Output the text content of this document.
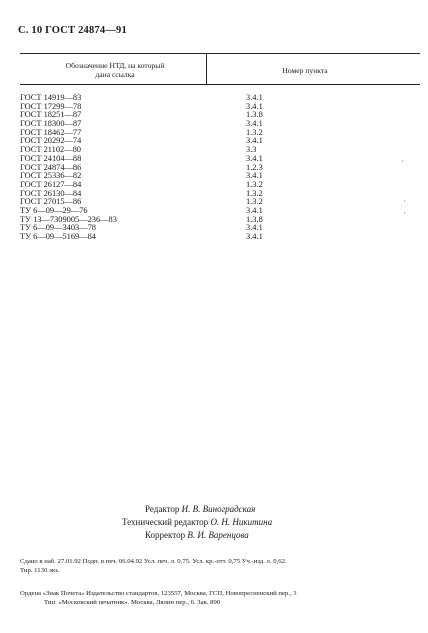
С. 10 ГОСТ 24874—91
Обозначение НТД, на который
дана ссылка	Номер пункта
ГОСТ 14919—83	3.4.1
ГОСТ 17299—78	3.4.1
ГОСТ 18251—87	1.3.8
ГОСТ 18300—87	3.4.1
ГОСТ 18462—77	1.3.2
ГОСТ 20292—74	3.4.1
ГОСТ 21102—80	3.3
ГОСТ 24104—88	3.4.1
ГОСТ 24874—86	1.2.3
ГОСТ 25336—82	3.4.1
ГОСТ 26127—84	1.3.2
ГОСТ 26130—84	1.3.2
ГОСТ 27015—86	1.3.2
ТУ 6—09—29—76	3.4.1
ТУ 13—7309005—236—83	1.3.8
ТУ 6—09—3403—78	3.4.1
ТУ 6—09—5169—84	3.4.1
'
'
'
Редактор И. В. Виноградская
Технический редактор О. Н. Никитина
Корректор В. И. Варенцова
Сдано в наб. 27.01.92 Подп. в печ. 06.04.92 Усл. печ. л. 0,75. Усл. кр.-отт. 0,75 Уч.-изд. л. 0,62.
Тир. 1130 экз.
Ордена «Знак Почета» Издательство стандартов, 123557, Москва, ГСП, Новопресненский пер., 3
Тип. «Московский печатник». Москва, Лялин пер., 6. Зак. 890
